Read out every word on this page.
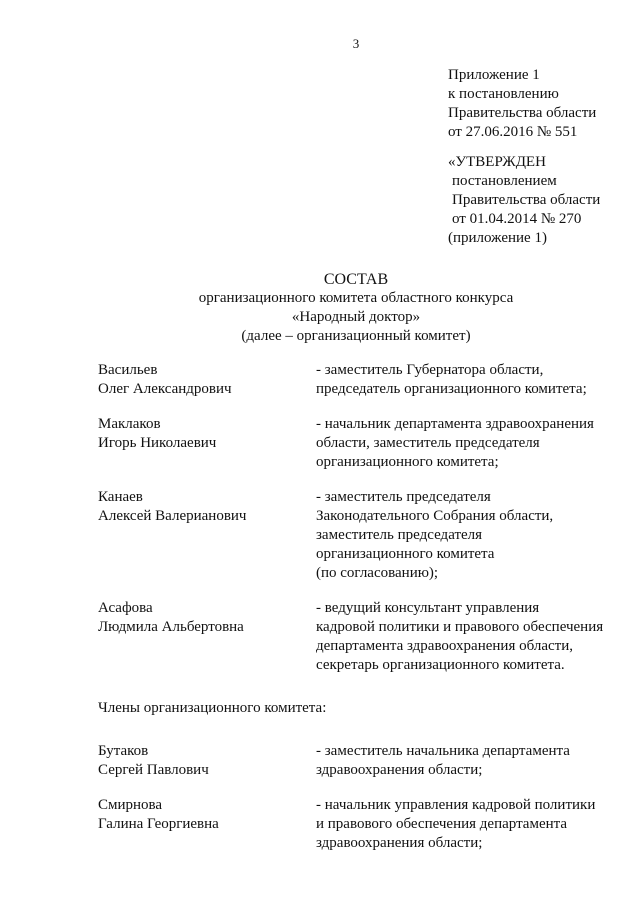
3
Приложение 1
к постановлению
Правительства области
от 27.06.2016 № 551
«УТВЕРЖДЕН
постановлением
Правительства области
от 01.04.2014 № 270
(приложение 1)
СОСТАВ
организационного комитета областного конкурса
«Народный доктор»
(далее – организационный комитет)
Васильев
Олег Александрович
- заместитель Губернатора области,
председатель организационного комитета;
Маклаков
Игорь Николаевич
- начальник департамента здравоохранения
области, заместитель председателя
организационного комитета;
Канаев
Алексей Валерианович
- заместитель председателя
Законодательного Собрания области,
заместитель председателя
организационного комитета
(по согласованию);
Асафова
Людмила Альбертовна
- ведущий консультант управления
кадровой политики и правового обеспечения
департамента здравоохранения области,
секретарь организационного комитета.
Члены организационного комитета:
Бутаков
Сергей Павлович
- заместитель начальника департамента
здравоохранения области;
Смирнова
Галина Георгиевна
- начальник управления кадровой политики
и правового обеспечения департамента
здравоохранения области;
